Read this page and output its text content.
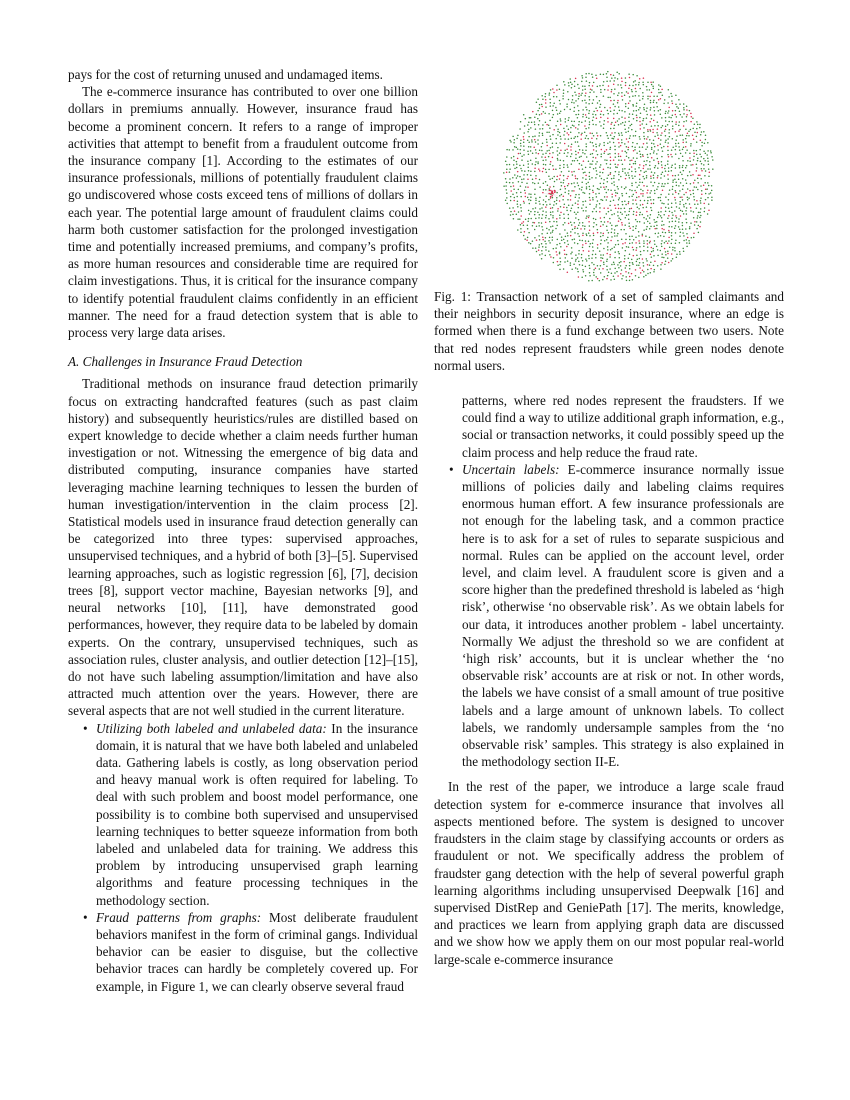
pays for the cost of returning unused and undamaged items.

The e-commerce insurance has contributed to over one billion dollars in premiums annually. However, insurance fraud has become a prominent concern. It refers to a range of improper activities that attempt to benefit from a fraudulent outcome from the insurance company [1]. According to the estimates of our insurance professionals, millions of potentially fraudulent claims go undiscovered whose costs exceed tens of millions of dollars in each year. The potential large amount of fraudulent claims could harm both customer satisfaction for the prolonged investigation time and potentially increased premiums, and company’s profits, as more human resources and considerable time are required for claim investigations. Thus, it is critical for the insurance company to identify potential fraudulent claims confidently in an efficient manner. The need for a fraud detection system that is able to process very large data arises.

A. Challenges in Insurance Fraud Detection

Traditional methods on insurance fraud detection primarily focus on extracting handcrafted features (such as past claim history) and subsequently heuristics/rules are distilled based on expert knowledge to decide whether a claim needs further human investigation or not. Witnessing the emergence of big data and distributed computing, insurance companies have started leveraging machine learning techniques to lessen the burden of human investigation/intervention in the claim process [2]. Statistical models used in insurance fraud detection generally can be categorized into three types: supervised approaches, unsupervised techniques, and a hybrid of both [3]–[5]. Supervised learning approaches, such as logistic regression [6], [7], decision trees [8], support vector machine, Bayesian networks [9], and neural networks [10], [11], have demonstrated good performances, however, they require data to be labeled by domain experts. On the contrary, unsupervised techniques, such as association rules, cluster analysis, and outlier detection [12]–[15], do not have such labeling assumption/limitation and have also attracted much attention over the years. However, there are several aspects that are not well studied in the current literature.

• Utilizing both labeled and unlabeled data: In the insurance domain, it is natural that we have both labeled and unlabeled data. Gathering labels is costly, as long observation period and heavy manual work is often required for labeling. To deal with such problem and boost model performance, one possibility is to combine both supervised and unsupervised learning techniques to better squeeze information from both labeled and unlabeled data for training. We address this problem by introducing unsupervised graph learning algorithms and feature processing techniques in the methodology section.
• Fraud patterns from graphs: Most deliberate fraudulent behaviors manifest in the form of criminal gangs. Individual behavior can be easier to disguise, but the collective behavior traces can hardly be completely covered up. For example, in Figure 1, we can clearly observe several fraud

Fig. 1: Transaction network of a set of sampled claimants and their neighbors in security deposit insurance, where an edge is formed when there is a fund exchange between two users. Note that red nodes represent fraudsters while green nodes denote normal users.

patterns, where red nodes represent the fraudsters. If we could find a way to utilize additional graph information, e.g., social or transaction networks, it could possibly speed up the claim process and help reduce the fraud rate.
• Uncertain labels: E-commerce insurance normally issue millions of policies daily and labeling claims requires enormous human effort. A few insurance professionals are not enough for the labeling task, and a common practice here is to ask for a set of rules to separate suspicious and normal. Rules can be applied on the account level, order level, and claim level. A fraudulent score is given and a score higher than the predefined threshold is labeled as ‘high risk’, otherwise ‘no observable risk’. As we obtain labels for our data, it introduces another problem - label uncertainty. Normally We adjust the threshold so we are confident at ‘high risk’ accounts, but it is unclear whether the ‘no observable risk’ accounts are at risk or not. In other words, the labels we have consist of a small amount of true positive labels and a large amount of unknown labels. To collect labels, we randomly undersample samples from the ‘no observable risk’ samples. This strategy is also explained in the methodology section II-E.

In the rest of the paper, we introduce a large scale fraud detection system for e-commerce insurance that involves all aspects mentioned before. The system is designed to uncover fraudsters in the claim stage by classifying accounts or orders as fraudulent or not. We specifically address the problem of fraudster gang detection with the help of several powerful graph learning algorithms including unsupervised Deepwalk [16] and supervised DistRep and GeniePath [17]. The merits, knowledge, and practices we learn from applying graph data are discussed and we show how we apply them on our most popular real-world large-scale e-commerce insurance
